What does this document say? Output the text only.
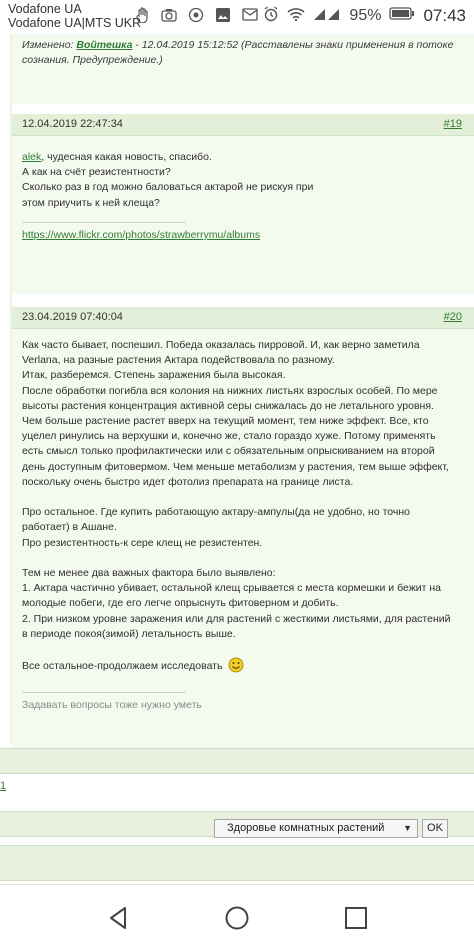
Vodafone UA
Vodafone UA|MTS UKR	95% 07:43
Изменено: Войтешка - 12.04.2019 15:12:52 (Расставлены знаки применения в потоке
сознания. Предупреждение.)
12.04.2019 22:47:34	#19
alek, чудесная какая новость, спасибо.
А как на счёт резистентности?
Сколько раз в год можно баловаться актарой не рискуя при
этом приучить к ней клеща?
https://www.flickr.com/photos/strawberrymu/albums
23.04.2019 07:40:04	#20
Как часто бывает, поспешил. Победа оказалась пирровой. И, как верно заметила
Verlana, на разные растения Актара подействовала по разному.
Итак, разберемся. Степень заражения была высокая.
После обработки погибла вся колония на нижних листьях взрослых особей. По мере
высоты растения концентрация активной серы снижалась до не летального уровня.
Чем больше растение растет вверх на текущий момент, тем ниже эффект. Все, кто
уцелел ринулись на верхушки и, конечно же, стало гораздо хуже. Потому применять
есть смысл только профилактически или с обязательным опрыскиванием на второй
день доступным фитовермом. Чем меньше метаболизм у растения, тем выше эффект,
поскольку очень быстро идет фотолиз препарата на границе листа.

Про остальное. Где купить работающую актару-ампулы(да не удобно, но точно
работает) в Ашане.
Про резистентность-к сере клещ не резистентен.

Тем не менее два важных фактора было выявлено:
1. Актара частично убивает, остальной клещ срывается с места кормешки и бежит на
молодые побеги, где его легче опрыснуть фитоверном и добить.
2. При низком уровне заражения или для растений с жесткими листьями, для растений
в периоде покоя(зимой) летальность выше.

Все остальное-продолжаем исследовать
Задавать вопросы тоже нужно уметь
1
Здоровье комнатных растений ▼	OK
